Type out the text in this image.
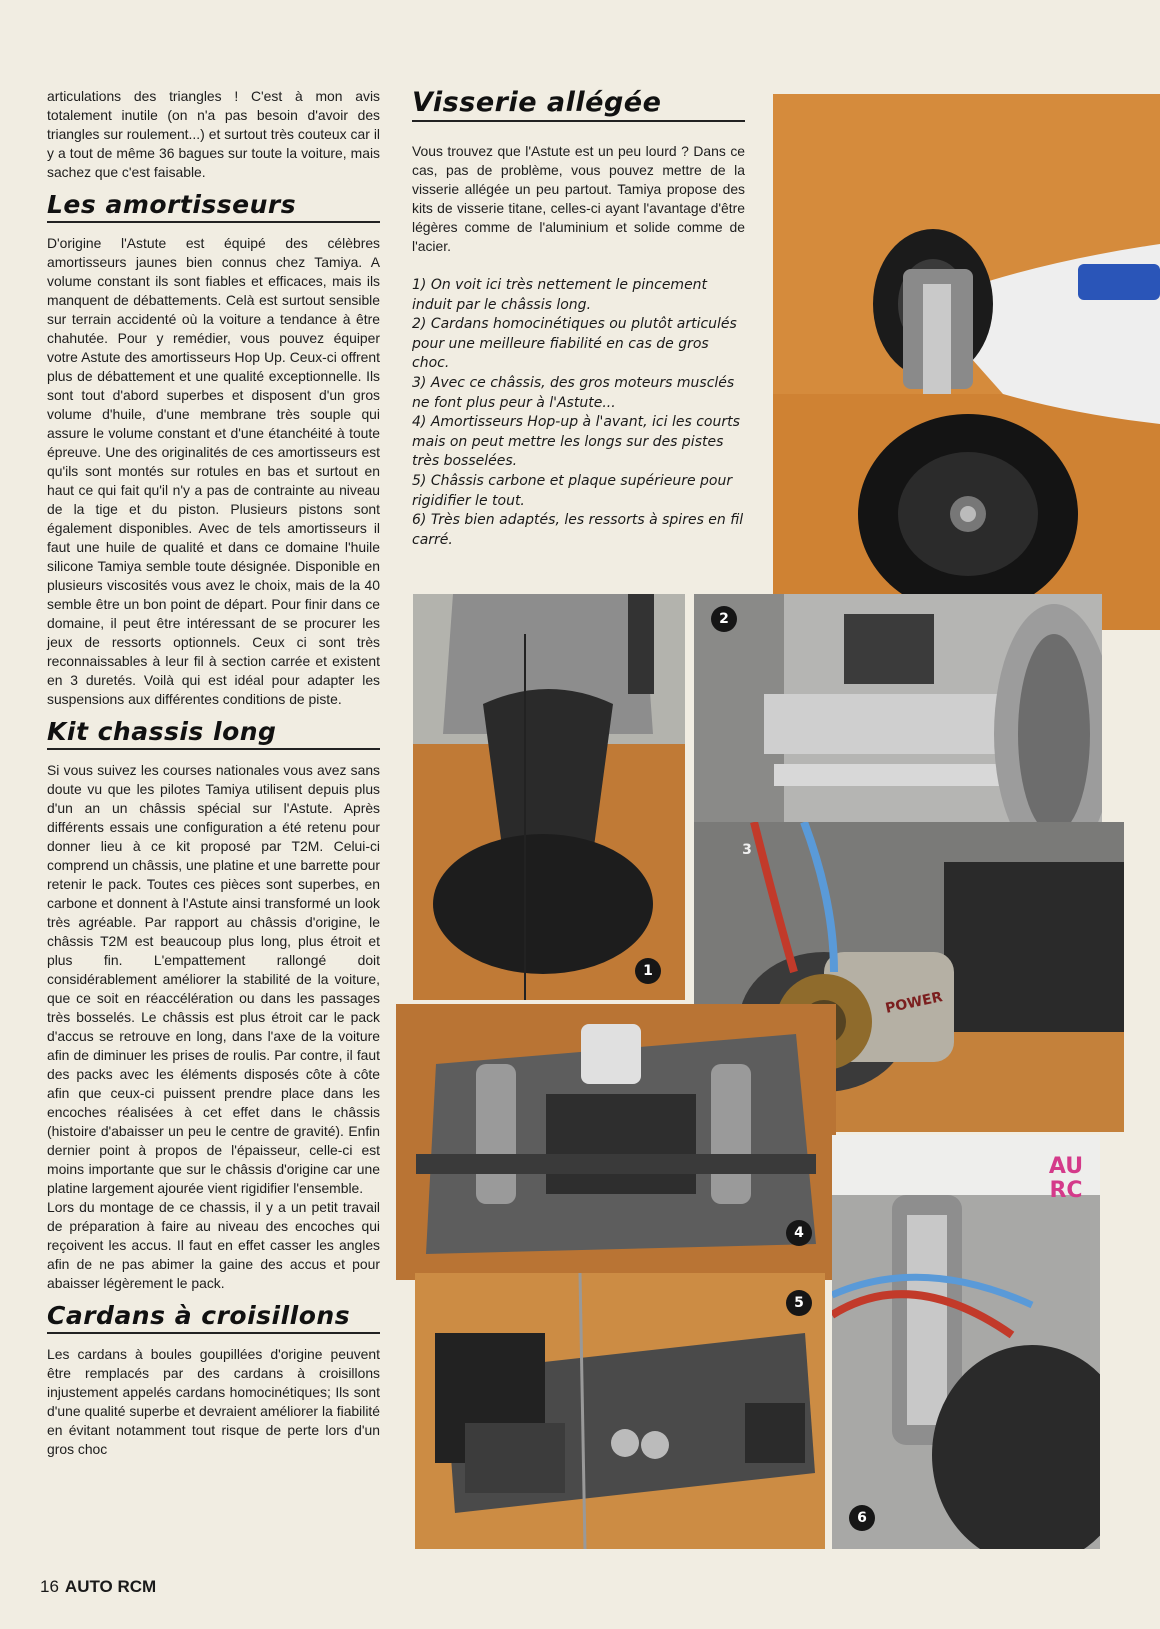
articulations des triangles ! C'est à mon avis totalement inutile (on n'a pas besoin d'avoir des triangles sur roulement...) et surtout très couteux car il y a tout de même 36 bagues sur toute la voiture, mais sachez que c'est faisable.

Les amortisseurs

D'origine l'Astute est équipé des célèbres amortisseurs jaunes bien connus chez Tamiya. A volume constant ils sont fiables et efficaces, mais ils manquent de débattements. Celà est surtout sensible sur terrain accidenté où la voiture a tendance à être chahutée. Pour y remédier, vous pouvez équiper votre Astute des amortisseurs Hop Up. Ceux-ci offrent plus de débattement et une qualité exceptionnelle. Ils sont tout d'abord superbes et disposent d'un gros volume d'huile, d'une membrane très souple qui assure le volume constant et d'une étanchéité à toute épreuve. Une des originalités de ces amortisseurs est qu'ils sont montés sur rotules en bas et surtout en haut ce qui fait qu'il n'y a pas de contrainte au niveau de la tige et du piston. Plusieurs pistons sont également disponibles. Avec de tels amortisseurs il faut une huile de qualité et dans ce domaine l'huile silicone Tamiya semble toute désignée. Disponible en plusieurs viscosités vous avez le choix, mais de la 40 semble être un bon point de départ. Pour finir dans ce domaine, il peut être intéressant de se procurer les jeux de ressorts optionnels. Ceux ci sont très reconnaissables à leur fil à section carrée et existent en 3 duretés. Voilà qui est idéal pour adapter les suspensions aux différentes conditions de piste.

Kit chassis long

Si vous suivez les courses nationales vous avez sans doute vu que les pilotes Tamiya utilisent depuis plus d'un an un châssis spécial sur l'Astute. Après différents essais une configuration a été retenu pour donner lieu à ce kit proposé par T2M. Celui-ci comprend un châssis, une platine et une barrette pour retenir le pack. Toutes ces pièces sont superbes, en carbone et donnent à l'Astute ainsi transformé un look très agréable. Par rapport au châssis d'origine, le châssis T2M est beaucoup plus long, plus étroit et plus fin. L'empattement rallongé doit considérablement améliorer la stabilité de la voiture, que ce soit en réaccélération ou dans les passages très bosselés. Le châssis est plus étroit car le pack d'accus se retrouve en long, dans l'axe de la voiture afin de diminuer les prises de roulis. Par contre, il faut des packs avec les éléments disposés côte à côte afin que ceux-ci puissent prendre place dans les encoches réalisées à cet effet dans le châssis (histoire d'abaisser un peu le centre de gravité). Enfin dernier point à propos de l'épaisseur, celle-ci est moins importante que sur le châssis d'origine car une platine largement ajourée vient rigidifier l'ensemble.

Lors du montage de ce chassis, il y a un petit travail de préparation à faire au niveau des encoches qui reçoivent les accus. Il faut en effet casser les angles afin de ne pas abimer la gaine des accus et pour abaisser légèrement le pack.

Cardans à croisillons

Les cardans à boules goupillées d'origine peuvent être remplacés par des cardans à croisillons injustement appelés cardans homocinétiques; Ils sont d'une qualité superbe et devraient améliorer la fiabilité en évitant notamment tout risque de perte lors d'un gros choc

Visserie allégée

Vous trouvez que l'Astute est un peu lourd ? Dans ce cas, pas de problème, vous pouvez mettre de la visserie allégée un peu partout. Tamiya propose des kits de visserie titane, celles-ci ayant l'avantage d'être légères comme de l'aluminium et solide comme de l'acier.

1) On voit ici très nettement le pincement induit par le châssis long.

2) Cardans homocinétiques ou plutôt articulés pour une meilleure fiabilité en cas de gros choc.

3) Avec ce châssis, des gros moteurs musclés ne font plus peur à l'Astute...

4) Amortisseurs Hop-up à l'avant, ici les courts mais on peut mettre les longs sur des pistes très bosselées.

5) Châssis carbone et plaque supérieure pour rigidifier le tout.

6) Très bien adaptés, les ressorts à spires en fil carré.

1
2
POWER
3
4
5
AU RC
6
16 AUTO RCM
